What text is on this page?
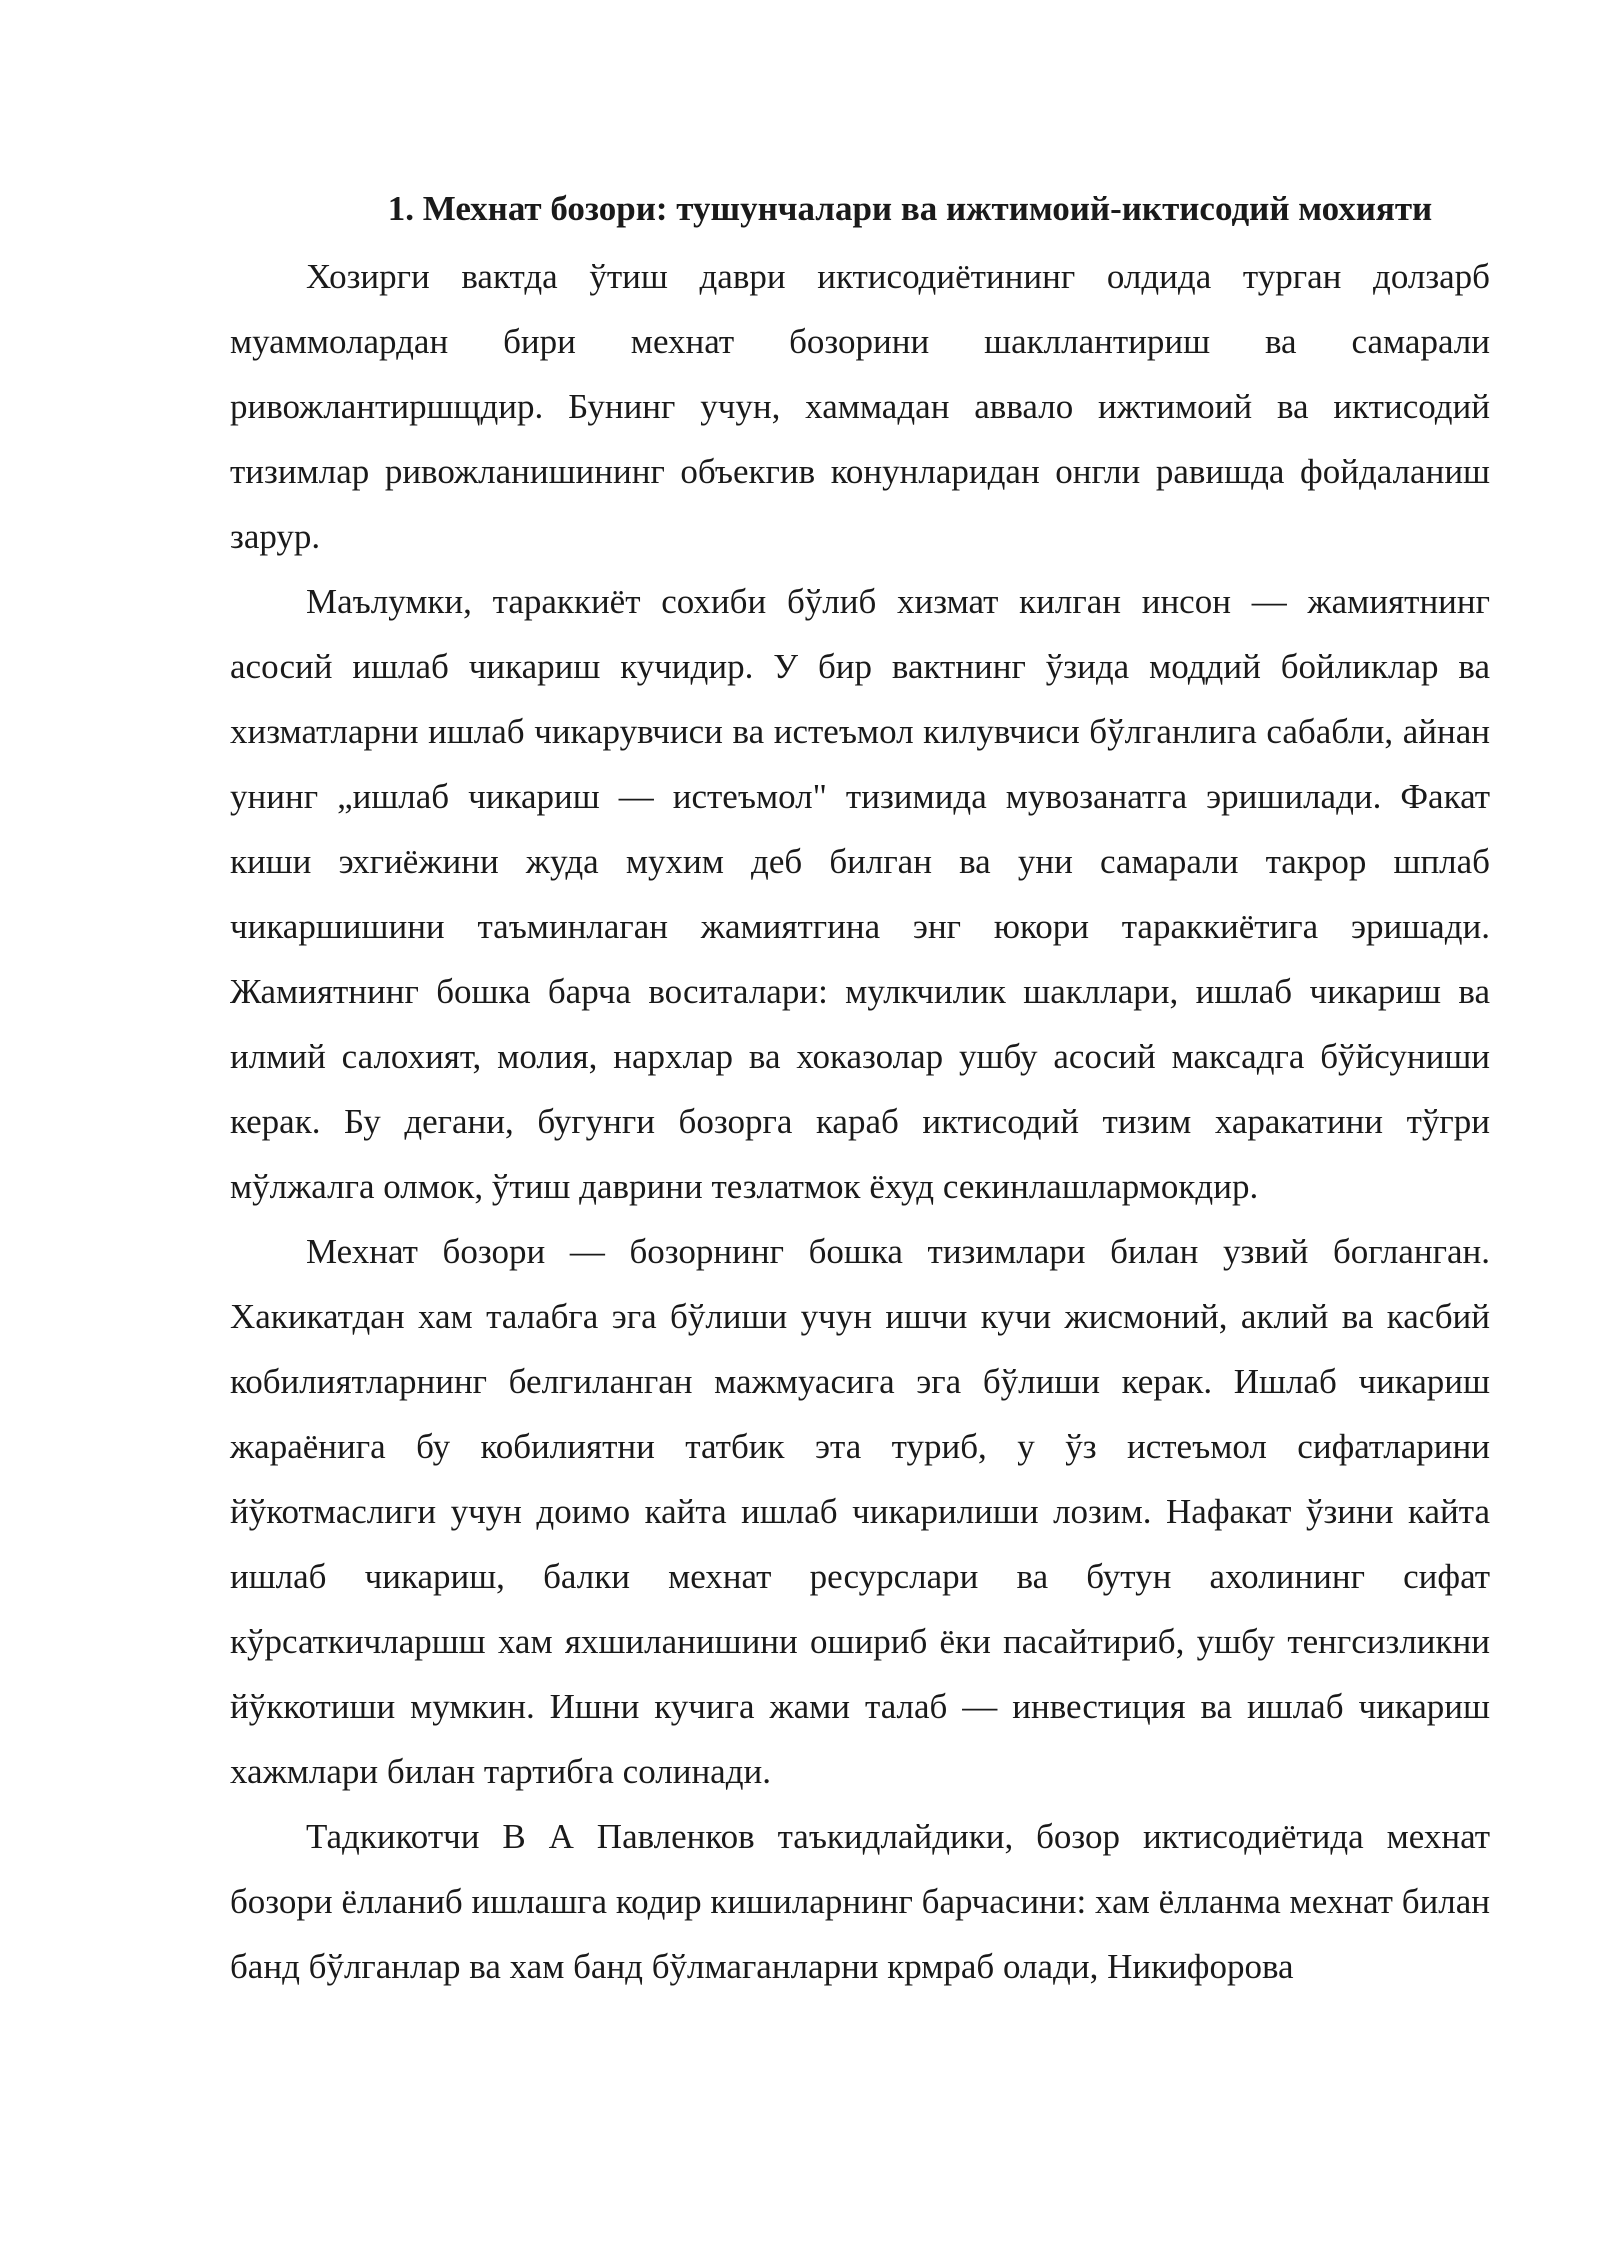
1. Мехнат бозори: тушунчалари ва ижтимоий-иктисодий мохияти

Хозирги вактда ўтиш даври иктисодиётининг олдида турган долзарб муаммолардан бири мехнат бозорини шакллантириш ва самарали ривожлантиршщдир. Бунинг учун, хаммадан аввало ижтимоий ва иктисодий тизимлар ривожланишининг объекгив конунларидан онгли равишда фойдаланиш зарур.

Маълумки, тараккиёт сохиби бўлиб хизмат килган инсон — жамиятнинг асосий ишлаб чикариш кучидир. У бир вактнинг ўзида моддий бойликлар ва хизматларни ишлаб чикарувчиси ва истеъмол килувчиси бўлганлига сабабли, айнан унинг „ишлаб чикариш — истеъмол" тизимида мувозанатга эришилади. Факат киши эхгиёжини жуда мухим деб билган ва уни самарали такрор шплаб чикаршишини таъминлаган жамиятгина энг юкори тараккиётига эришади. Жамиятнинг бошка барча воситалари: мулкчилик шакллари, ишлаб чикариш ва илмий салохият, молия, нархлар ва хоказолар ушбу асосий максадга бўйсуниши керак. Бу дегани, бугунги бозорга караб иктисодий тизим харакатини тўгри мўлжалга олмок, ўтиш даврини тезлатмок ёхуд секинлашлармокдир.

Мехнат бозори — бозорнинг бошка тизимлари билан узвий богланган. Хакикатдан хам талабга эга бўлиши учун ишчи кучи жисмоний, аклий ва касбий кобилиятларнинг белгиланган мажмуасига эга бўлиши керак. Ишлаб чикариш жараёнига бу кобилиятни татбик эта туриб, у ўз истеъмол сифатларини йўкотмаслиги учун доимо кайта ишлаб чикарилиши лозим. Нафакат ўзини кайта ишлаб чикариш, балки мехнат ресурслари ва бутун ахолининг сифат кўрсаткичларшш хам яхшиланишини ошириб ёки пасайтириб, ушбу тенгсизликни йўккотиши мумкин. Ишни кучига жами талаб — инвестиция ва ишлаб чикариш хажмлари билан тартибга солинади.

Тадкикотчи В А Павленков таъкидлайдики, бозор иктисодиётида мехнат бозори ёлланиб ишлашга кодир кишиларнинг барчасини: хам ёлланма мехнат билан банд бўлганлар ва хам банд бўлмаганларни крмраб олади, Никифорова
